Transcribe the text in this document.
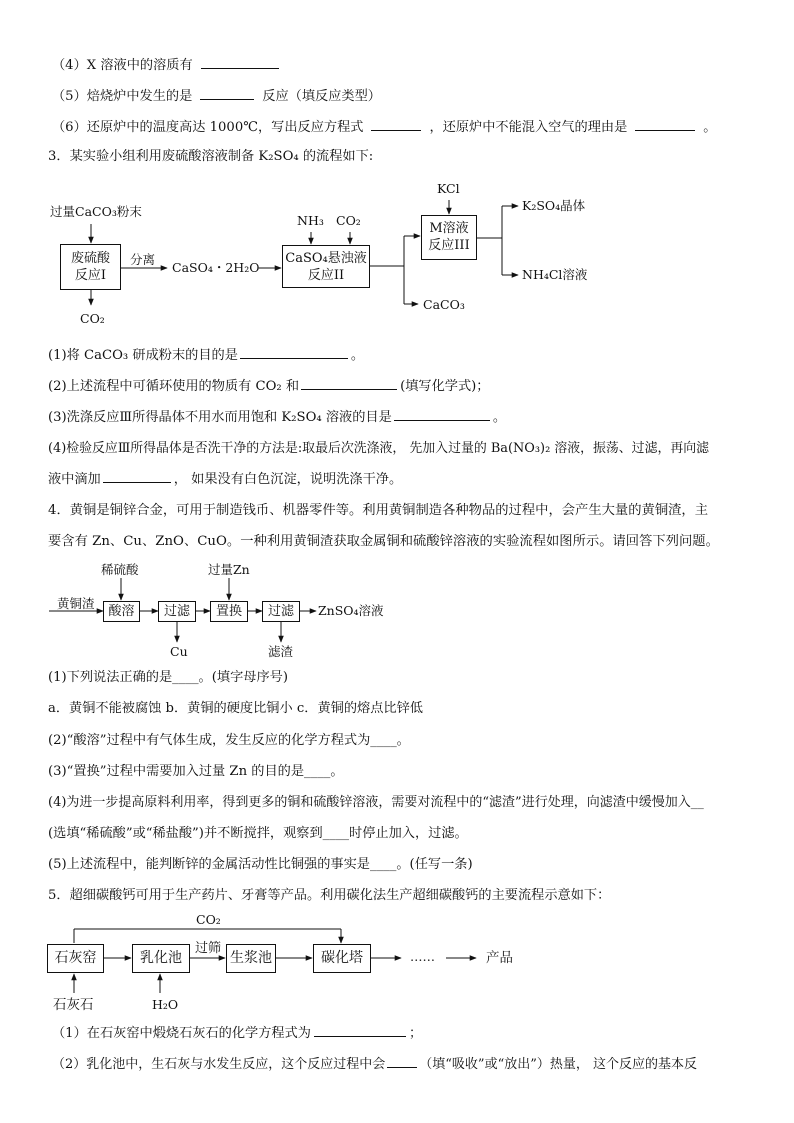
（4）X 溶液中的溶质有
（5）焙烧炉中发生的是	反应（填反应类型）
（6）还原炉中的温度高达 1000℃，写出反应方程式	，还原炉中不能混入空气的理由是	。
3．某实验小组利用废硫酸溶液制备 K₂SO₄ 的流程如下:
过量CaCO₃粉末
废硫酸
反应I
CO₂
分离
CaSO₄・2H₂O
NH₃ CO₂
CaSO₄悬浊液
反应II
CaCO₃
KCl
M溶液
反应III
K₂SO₄晶体
NH₄Cl溶液
(1)将 CaCO₃ 研成粉末的目的是	。
(2)上述流程中可循环使用的物质有 CO₂ 和	(填写化学式)；
(3)洗涤反应Ⅲ所得晶体不用水而用饱和 K₂SO₄ 溶液的目是	。
(4)检验反应Ⅲ所得晶体是否洗干净的方法是:取最后次洗涤液， 先加入过量的 Ba(NO₃)₂ 溶液，振荡、过滤，再向滤
液中滴加	， 如果没有白色沉淀，说明洗涤干净。
4．黄铜是铜锌合金，可用于制造钱币、机器零件等。利用黄铜制造各种物品的过程中，会产生大量的黄铜渣，主
要含有 Zn、Cu、ZnO、CuO。一种利用黄铜渣获取金属铜和硫酸锌溶液的实验流程如图所示。请回答下列问题。
稀硫酸	过量Zn
黄铜渣
酸溶	过滤	置换	过滤	ZnSO₄溶液
Cu	滤渣
(1)下列说法正确的是____。(填字母序号)
a．黄铜不能被腐蚀 b．黄铜的硬度比铜小 c．黄铜的熔点比锌低
(2)“酸溶”过程中有气体生成，发生反应的化学方程式为____。
(3)“置换”过程中需要加入过量 Zn 的目的是____。
(4)为进一步提高原料利用率，得到更多的铜和硫酸锌溶液，需要对流程中的“滤渣”进行处理，向滤渣中缓慢加入__
(选填“稀硫酸”或“稀盐酸”)并不断搅拌，观察到____时停止加入，过滤。
(5)上述流程中，能判断锌的金属活动性比铜强的事实是____。(任写一条)
5．超细碳酸钙可用于生产药片、牙膏等产品。利用碳化法生产超细碳酸钙的主要流程示意如下：
CO₂
石灰窑	乳化池
过筛
生浆池	碳化塔	……	产品
石灰石	H₂O
（1）在石灰窑中煅烧石灰石的化学方程式为	；
（2）乳化池中，生石灰与水发生反应，这个反应过程中会	（填“吸收”或“放出”）热量， 这个反应的基本反
